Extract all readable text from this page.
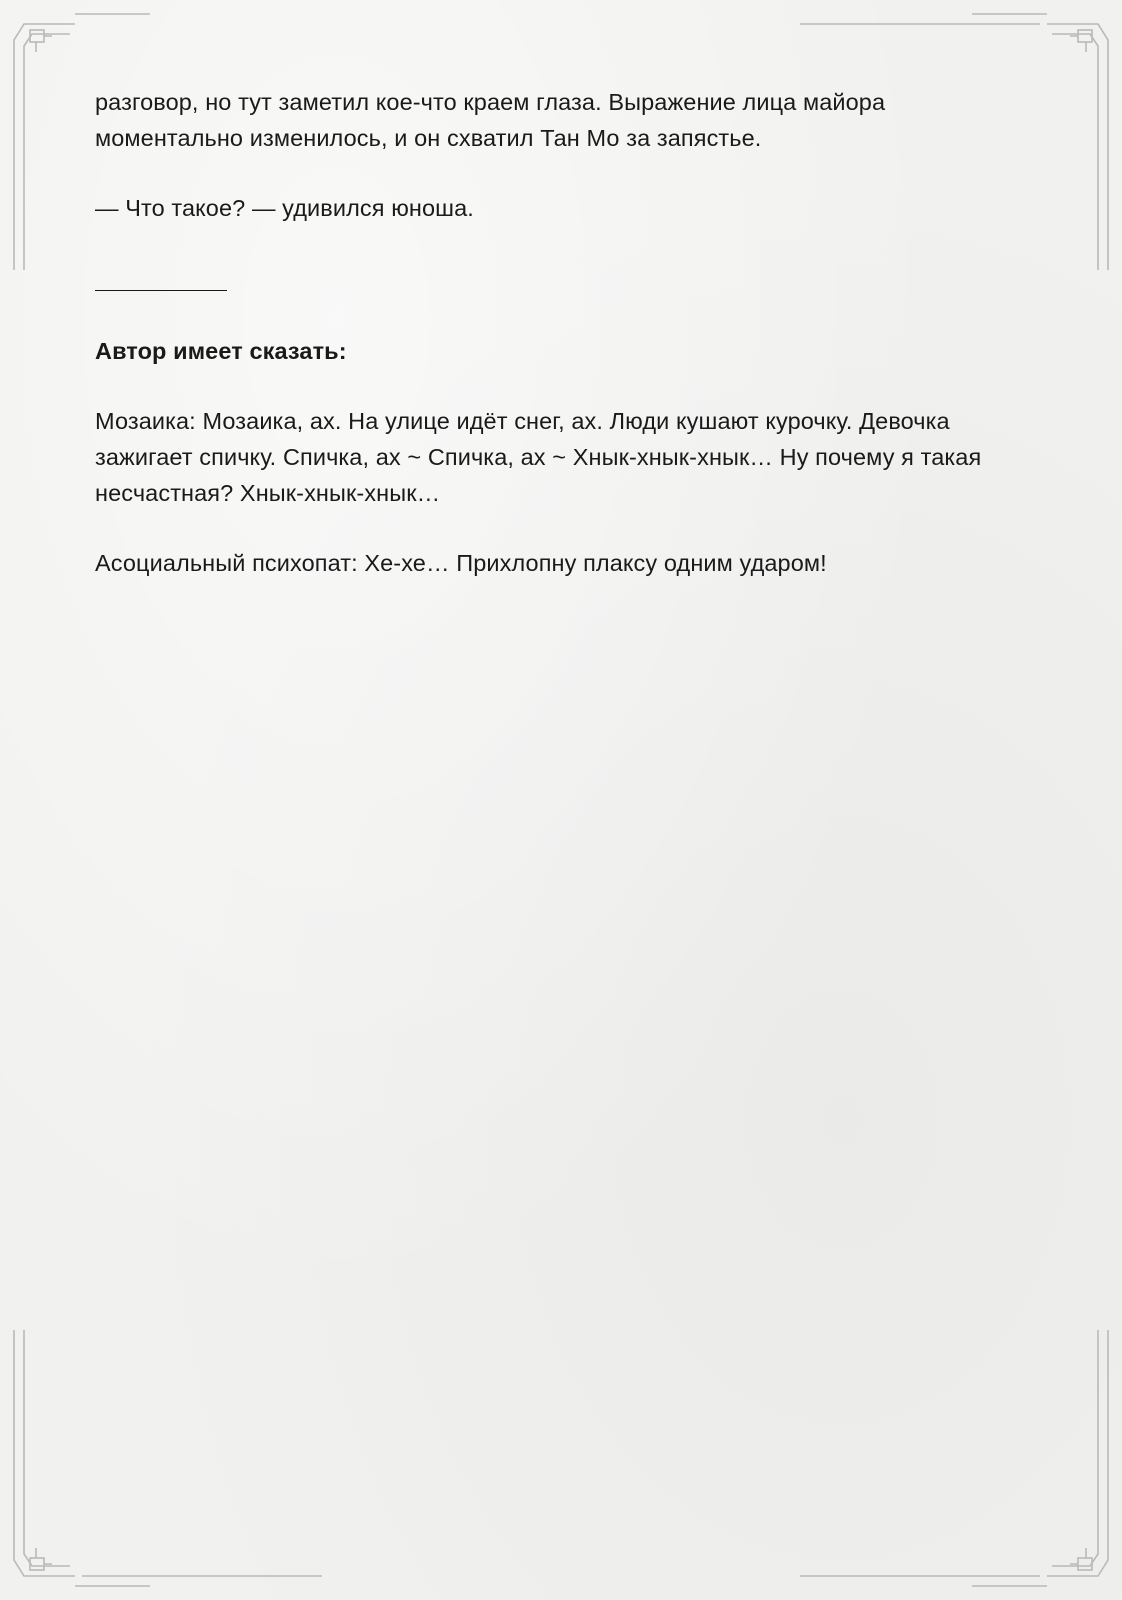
разговор, но тут заметил кое-что краем глаза. Выражение лица майора моментально изменилось, и он схватил Тан Мо за запястье.

— Что такое? — удивился юноша.

Автор имеет сказать:

Мозаика: Мозаика, ах. На улице идёт снег, ах. Люди кушают курочку. Девочка зажигает спичку. Спичка, ах ~ Спичка, ах ~ Хнык-хнык-хнык… Ну почему я такая несчастная? Хнык-хнык-хнык…

Асоциальный психопат: Хе-хе… Прихлопну плаксу одним ударом!
